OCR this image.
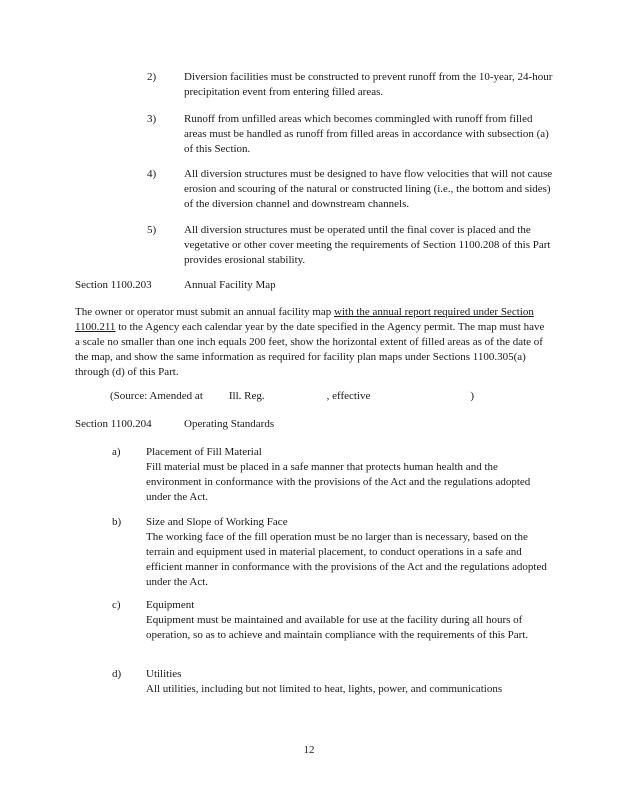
2)	Diversion facilities must be constructed to prevent runoff from the 10-year, 24-hour precipitation event from entering filled areas.
3)	Runoff from unfilled areas which becomes commingled with runoff from filled areas must be handled as runoff from filled areas in accordance with subsection (a) of this Section.
4)	All diversion structures must be designed to have flow velocities that will not cause erosion and scouring of the natural or constructed lining (i.e., the bottom and sides) of the diversion channel and downstream channels.
5)	All diversion structures must be operated until the final cover is placed and the vegetative or other cover meeting the requirements of Section 1100.208 of this Part provides erosional stability.
Section 1100.203	Annual Facility Map
The owner or operator must submit an annual facility map with the annual report required under Section 1100.211 to the Agency each calendar year by the date specified in the Agency permit. The map must have a scale no smaller than one inch equals 200 feet, show the horizontal extent of filled areas as of the date of the map, and show the same information as required for facility plan maps under Sections 1100.305(a) through (d) of this Part.
(Source: Amended at Ill. Reg.	, effective	)
Section 1100.204	Operating Standards
a)	Placement of Fill Material
Fill material must be placed in a safe manner that protects human health and the environment in conformance with the provisions of the Act and the regulations adopted under the Act.
b)	Size and Slope of Working Face
The working face of the fill operation must be no larger than is necessary, based on the terrain and equipment used in material placement, to conduct operations in a safe and efficient manner in conformance with the provisions of the Act and the regulations adopted under the Act.
c)	Equipment
Equipment must be maintained and available for use at the facility during all hours of operation, so as to achieve and maintain compliance with the requirements of this Part.
d)	Utilities
All utilities, including but not limited to heat, lights, power, and communications
12
